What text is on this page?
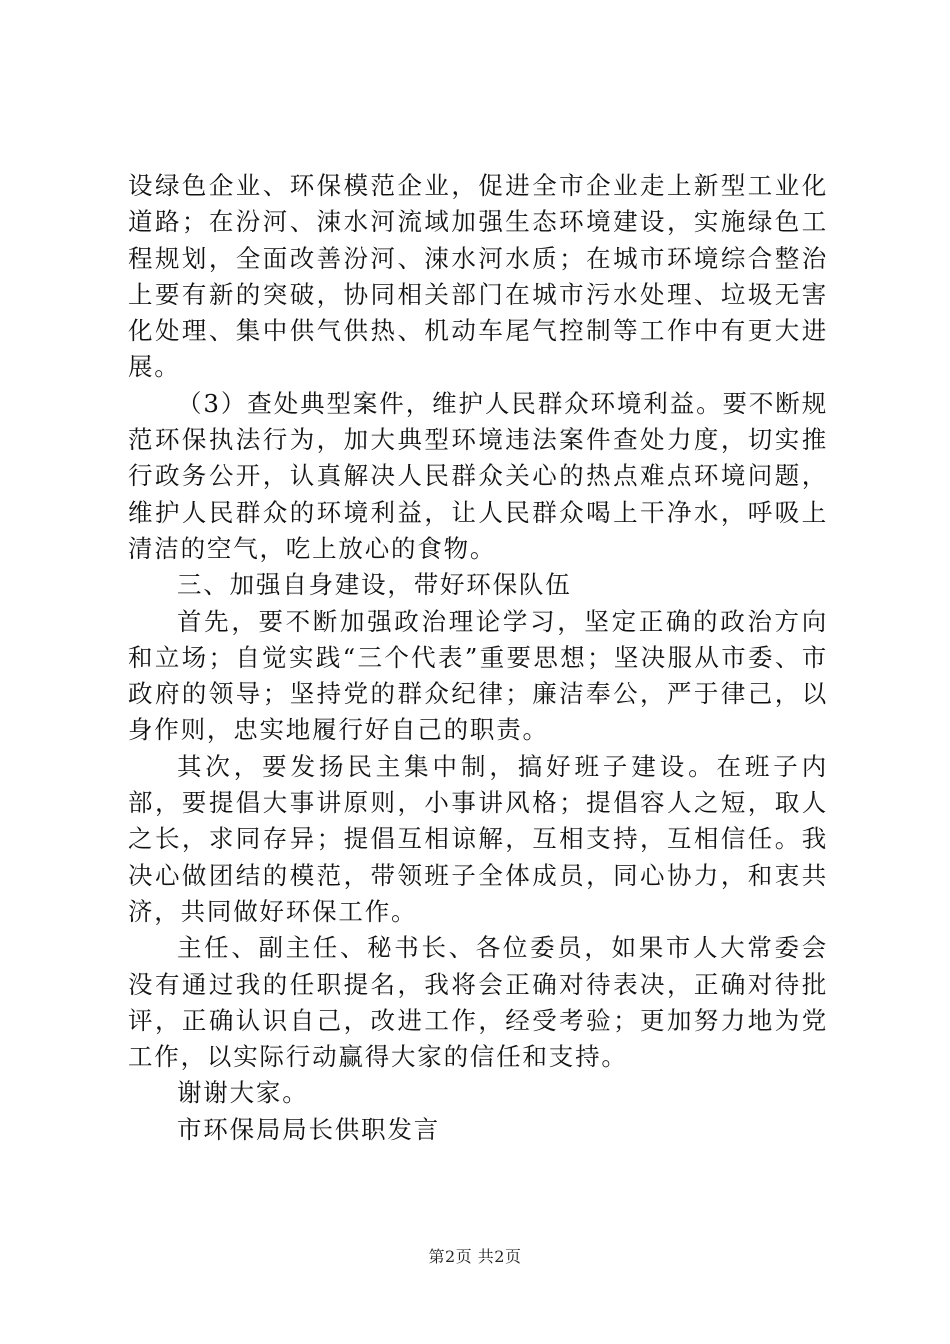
设绿色企业、环保模范企业，促进全市企业走上新型工业化道路；在汾河、涑水河流域加强生态环境建设，实施绿色工程规划，全面改善汾河、涑水河水质；在城市环境综合整治上要有新的突破，协同相关部门在城市污水处理、垃圾无害化处理、集中供气供热、机动车尾气控制等工作中有更大进展。

（3）查处典型案件，维护人民群众环境利益。要不断规范环保执法行为，加大典型环境违法案件查处力度，切实推行政务公开，认真解决人民群众关心的热点难点环境问题，维护人民群众的环境利益，让人民群众喝上干净水，呼吸上清洁的空气，吃上放心的食物。

三、加强自身建设，带好环保队伍

首先，要不断加强政治理论学习，坚定正确的政治方向和立场；自觉实践“三个代表”重要思想；坚决服从市委、市政府的领导；坚持党的群众纪律；廉洁奉公，严于律己，以身作则，忠实地履行好自己的职责。

其次，要发扬民主集中制，搞好班子建设。在班子内部，要提倡大事讲原则，小事讲风格；提倡容人之短，取人之长，求同存异；提倡互相谅解，互相支持，互相信任。我决心做团结的模范，带领班子全体成员，同心协力，和衷共济，共同做好环保工作。

主任、副主任、秘书长、各位委员，如果市人大常委会没有通过我的任职提名，我将会正确对待表决，正确对待批评，正确认识自己，改进工作，经受考验；更加努力地为党工作，以实际行动赢得大家的信任和支持。

谢谢大家。

市环保局局长供职发言

第2页 共2页
